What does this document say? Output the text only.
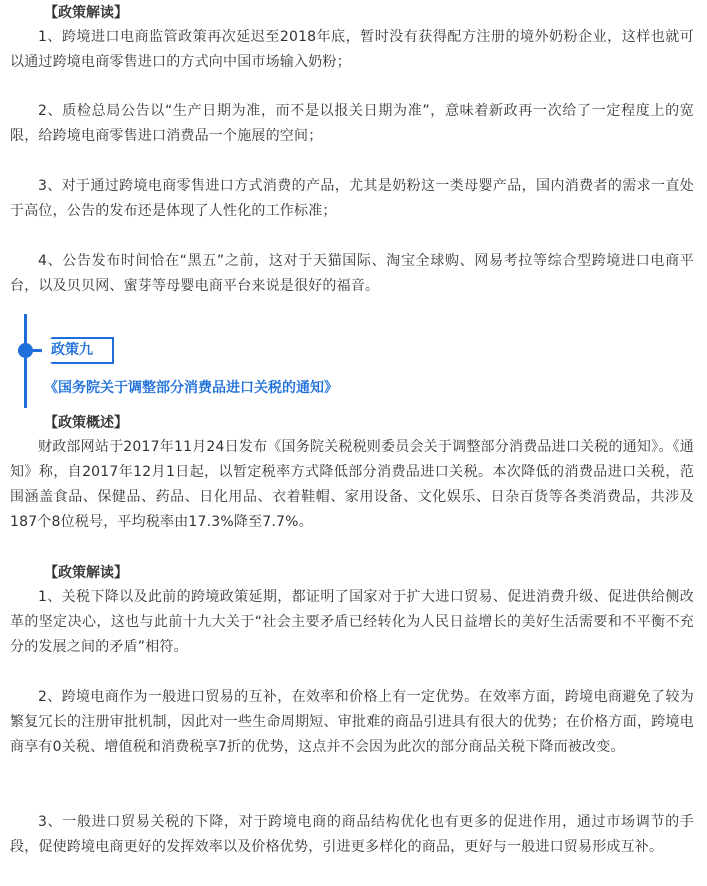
【政策解读】

1、跨境进口电商监管政策再次延迟至2018年底，暂时没有获得配方注册的境外奶粉企业，这样也就可以通过跨境电商零售进口的方式向中国市场输入奶粉；

2、质检总局公告以“生产日期为准，而不是以报关日期为准”，意味着新政再一次给了一定程度上的宽限，给跨境电商零售进口消费品一个施展的空间；

3、对于通过跨境电商零售进口方式消费的产品，尤其是奶粉这一类母婴产品，国内消费者的需求一直处于高位，公告的发布还是体现了人性化的工作标准；

4、公告发布时间恰在“黑五”之前，这对于天猫国际、淘宝全球购、网易考拉等综合型跨境进口电商平台，以及贝贝网、蜜芽等母婴电商平台来说是很好的福音。

政策九
《国务院关于调整部分消费品进口关税的通知》
【政策概述】

财政部网站于2017年11月24日发布《国务院关税税则委员会关于调整部分消费品进口关税的通知》。《通知》称，自2017年12月1日起，以暂定税率方式降低部分消费品进口关税。本次降低的消费品进口关税，范围涵盖食品、保健品、药品、日化用品、衣着鞋帽、家用设备、文化娱乐、日杂百货等各类消费品，共涉及187个8位税号，平均税率由17.3%降至7.7%。

【政策解读】

1、关税下降以及此前的跨境政策延期，都证明了国家对于扩大进口贸易、促进消费升级、促进供给侧改革的坚定决心，这也与此前十九大关于“社会主要矛盾已经转化为人民日益增长的美好生活需要和不平衡不充分的发展之间的矛盾”相符。

2、跨境电商作为一般进口贸易的互补，在效率和价格上有一定优势。在效率方面，跨境电商避免了较为繁复冗长的注册审批机制，因此对一些生命周期短、审批难的商品引进具有很大的优势；在价格方面，跨境电商享有0关税、增值税和消费税享7折的优势，这点并不会因为此次的部分商品关税下降而被改变。

3、一般进口贸易关税的下降，对于跨境电商的商品结构优化也有更多的促进作用，通过市场调节的手段，促使跨境电商更好的发挥效率以及价格优势，引进更多样化的商品，更好与一般进口贸易形成互补。
